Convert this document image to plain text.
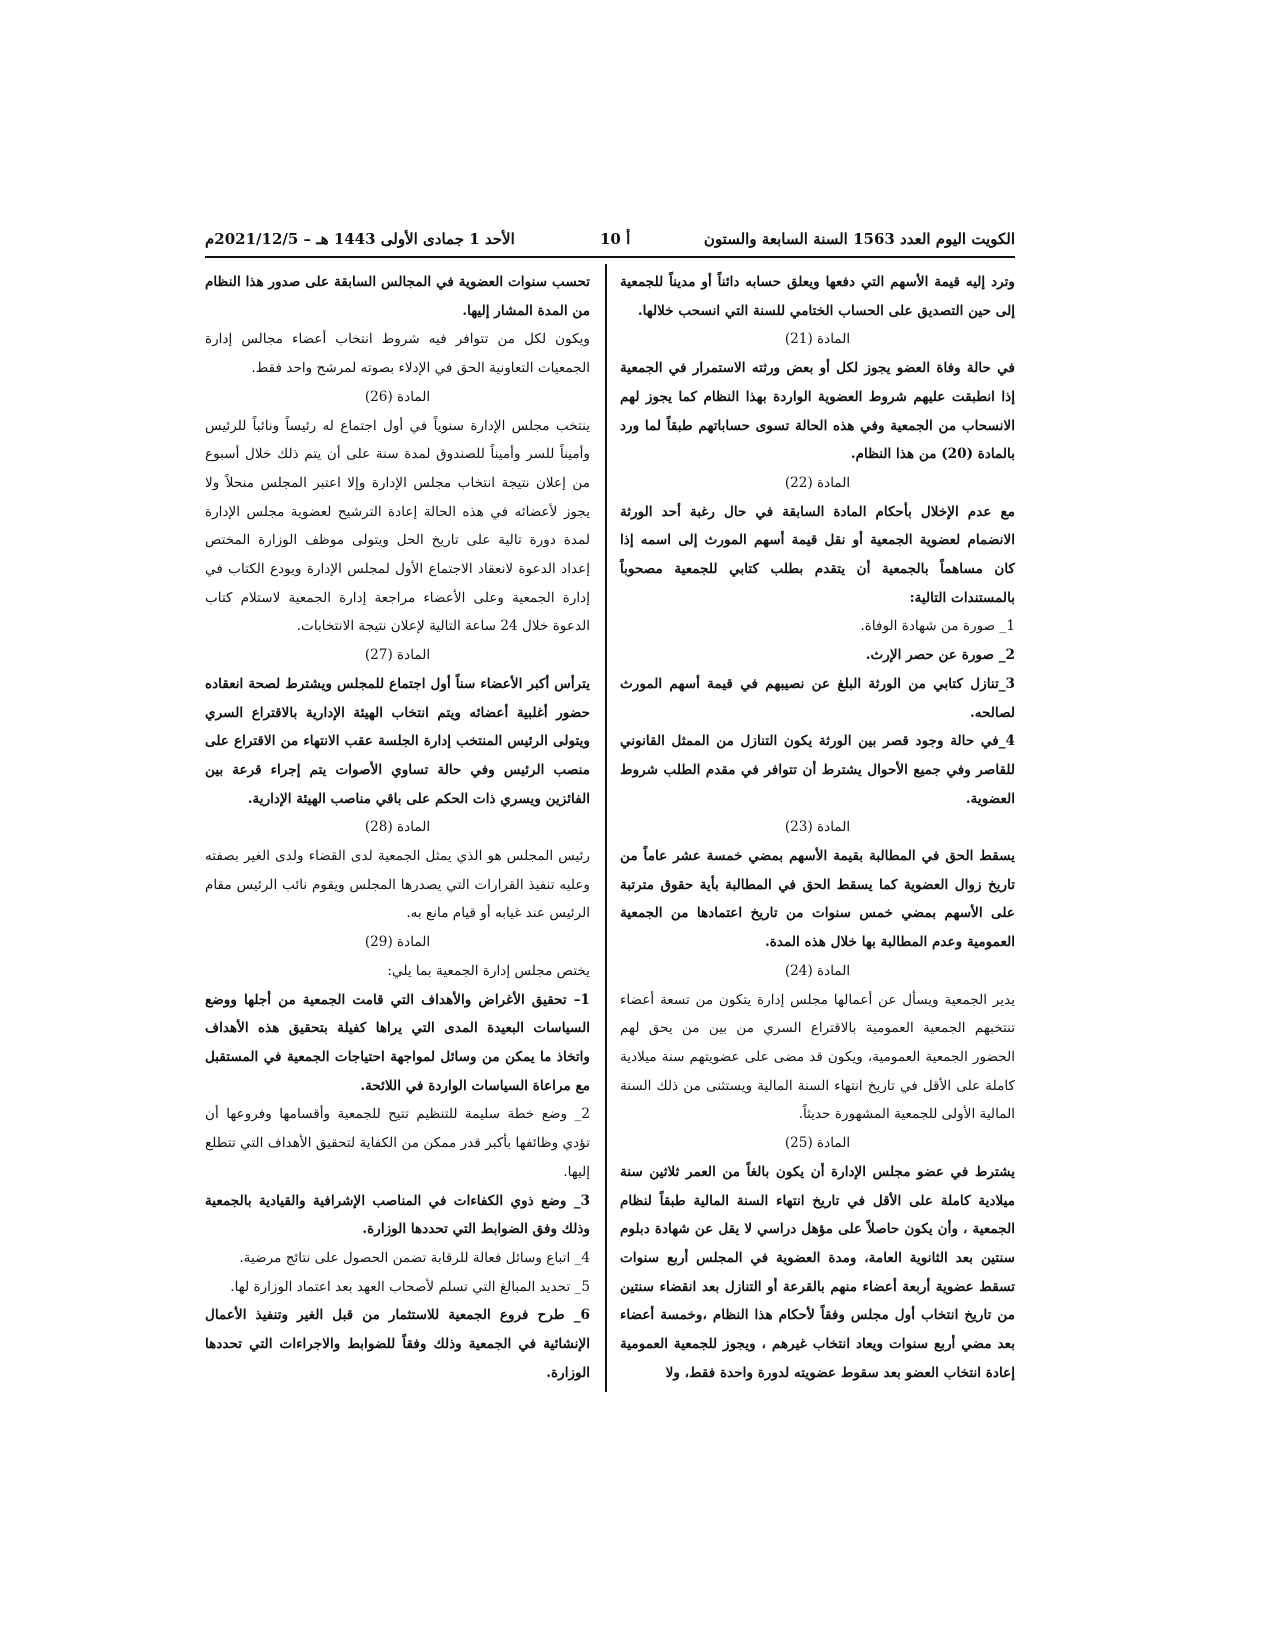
الكويت اليوم العدد 1563 السنة السابعة والستون
أ 10
الأحد 1 جمادى الأولى 1443 هـ – 2021/12/5م

وترد إليه قيمة الأسهم التي دفعها ويعلق حسابه دائناً أو مديناً للجمعية إلى حين التصديق على الحساب الختامي للسنة التي انسحب خلالها.

المادة (21)

في حالة وفاة العضو يجوز لكل أو بعض ورثته الاستمرار في الجمعية إذا انطبقت عليهم شروط العضوية الواردة بهذا النظام كما يجوز لهم الانسحاب من الجمعية وفي هذه الحالة تسوى حساباتهم طبقاً لما ورد بالمادة (20) من هذا النظام.

المادة (22)

مع عدم الإخلال بأحكام المادة السابقة في حال رغبة أحد الورثة الانضمام لعضوية الجمعية أو نقل قيمة أسهم المورث إلى اسمه إذا كان مساهماً بالجمعية أن يتقدم بطلب كتابي للجمعية مصحوباً بالمستندات التالية:

1_ صورة من شهادة الوفاة.

2_ صورة عن حصر الإرث.

3_تنازل كتابي من الورثة البلغ عن نصيبهم في قيمة أسهم المورث لصالحه.

4_في حالة وجود قصر بين الورثة يكون التنازل من الممثل القانوني للقاصر وفي جميع الأحوال يشترط أن تتوافر في مقدم الطلب شروط العضوية.

المادة (23)

يسقط الحق في المطالبة بقيمة الأسهم بمضي خمسة عشر عاماً من تاريخ زوال العضوية كما يسقط الحق في المطالبة بأية حقوق مترتبة على الأسهم بمضي خمس سنوات من تاريخ اعتمادها من الجمعية العمومية وعدم المطالبة بها خلال هذه المدة.

المادة (24)

يدير الجمعية ويسأل عن أعمالها مجلس إدارة يتكون من تسعة أعضاء تنتخبهم الجمعية العمومية بالاقتراع السري من بين من يحق لهم الحضور الجمعية العمومية، ويكون قد مضى على عضويتهم سنة ميلادية كاملة على الأقل في تاريخ انتهاء السنة المالية ويستثنى من ذلك السنة المالية الأولى للجمعية المشهورة حديثاً.

المادة (25)

يشترط في عضو مجلس الإدارة أن يكون بالغاً من العمر ثلاثين سنة ميلادية كاملة على الأقل في تاريخ انتهاء السنة المالية طبقاً لنظام الجمعية ، وأن يكون حاصلاً على مؤهل دراسي لا يقل عن شهادة دبلوم سنتين بعد الثانوية العامة، ومدة العضوية في المجلس أربع سنوات تسقط عضوية أربعة أعضاء منهم بالقرعة أو التنازل بعد انقضاء سنتين من تاريخ انتخاب أول مجلس وفقاً لأحكام هذا النظام ،وخمسة أعضاء بعد مضي أربع سنوات ويعاد انتخاب غيرهم ، ويجوز للجمعية العمومية إعادة انتخاب العضو بعد سقوط عضويته لدورة واحدة فقط، ولا

تحسب سنوات العضوية في المجالس السابقة على صدور هذا النظام من المدة المشار إليها.

ويكون لكل من تتوافر فيه شروط انتخاب أعضاء مجالس إدارة الجمعيات التعاونية الحق في الإدلاء بصوته لمرشح واحد فقط.

المادة (26)

ينتخب مجلس الإدارة سنوياً في أول اجتماع له رئيساً ونائباً للرئيس وأميناً للسر وأميناً للصندوق لمدة سنة على أن يتم ذلك خلال أسبوع من إعلان نتيجة انتخاب مجلس الإدارة وإلا اعتبر المجلس منحلاً ولا يجوز لأعضائه في هذه الحالة إعادة الترشيح لعضوية مجلس الإدارة لمدة دورة تالية على تاريخ الحل ويتولى موظف الوزارة المختص إعداد الدعوة لانعقاد الاجتماع الأول لمجلس الإدارة ويودع الكتاب في إدارة الجمعية وعلى الأعضاء مراجعة إدارة الجمعية لاستلام كتاب الدعوة خلال 24 ساعة التالية لإعلان نتيجة الانتخابات.

المادة (27)

يترأس أكبر الأعضاء سناً أول اجتماع للمجلس ويشترط لصحة انعقاده حضور أغلبية أعضائه ويتم انتخاب الهيئة الإدارية بالاقتراع السري ويتولى الرئيس المنتخب إدارة الجلسة عقب الانتهاء من الاقتراع على منصب الرئيس وفي حالة تساوي الأصوات يتم إجراء قرعة بين الفائزين ويسري ذات الحكم على باقي مناصب الهيئة الإدارية.

المادة (28)

رئيس المجلس هو الذي يمثل الجمعية لدى القضاء ولدى الغير بصفته وعليه تنفيذ القرارات التي يصدرها المجلس ويقوم نائب الرئيس مقام الرئيس عند غيابه أو قيام مانع به.

المادة (29)

يختص مجلس إدارة الجمعية بما يلي:

1– تحقيق الأغراض والأهداف التي قامت الجمعية من أجلها ووضع السياسات البعيدة المدى التي يراها كفيلة بتحقيق هذه الأهداف واتخاذ ما يمكن من وسائل لمواجهة احتياجات الجمعية في المستقبل مع مراعاة السياسات الواردة في اللائحة.

2_ وضع خطة سليمة للتنظيم تتيح للجمعية وأقسامها وفروعها أن تؤدي وظائفها بأكبر قدر ممكن من الكفاية لتحقيق الأهداف التي تتطلع إليها.

3_ وضع ذوي الكفاءات في المناصب الإشرافية والقيادية بالجمعية وذلك وفق الضوابط التي تحددها الوزارة.

4_ اتباع وسائل فعالة للرقابة تضمن الحصول على نتائج مرضية.

5_ تحديد المبالغ التي تسلم لأصحاب العهد بعد اعتماد الوزارة لها.

6_ طرح فروع الجمعية للاستثمار من قبل الغير وتنفيذ الأعمال الإنشائية في الجمعية وذلك وفقاً للضوابط والاجراءات التي تحددها الوزارة.
